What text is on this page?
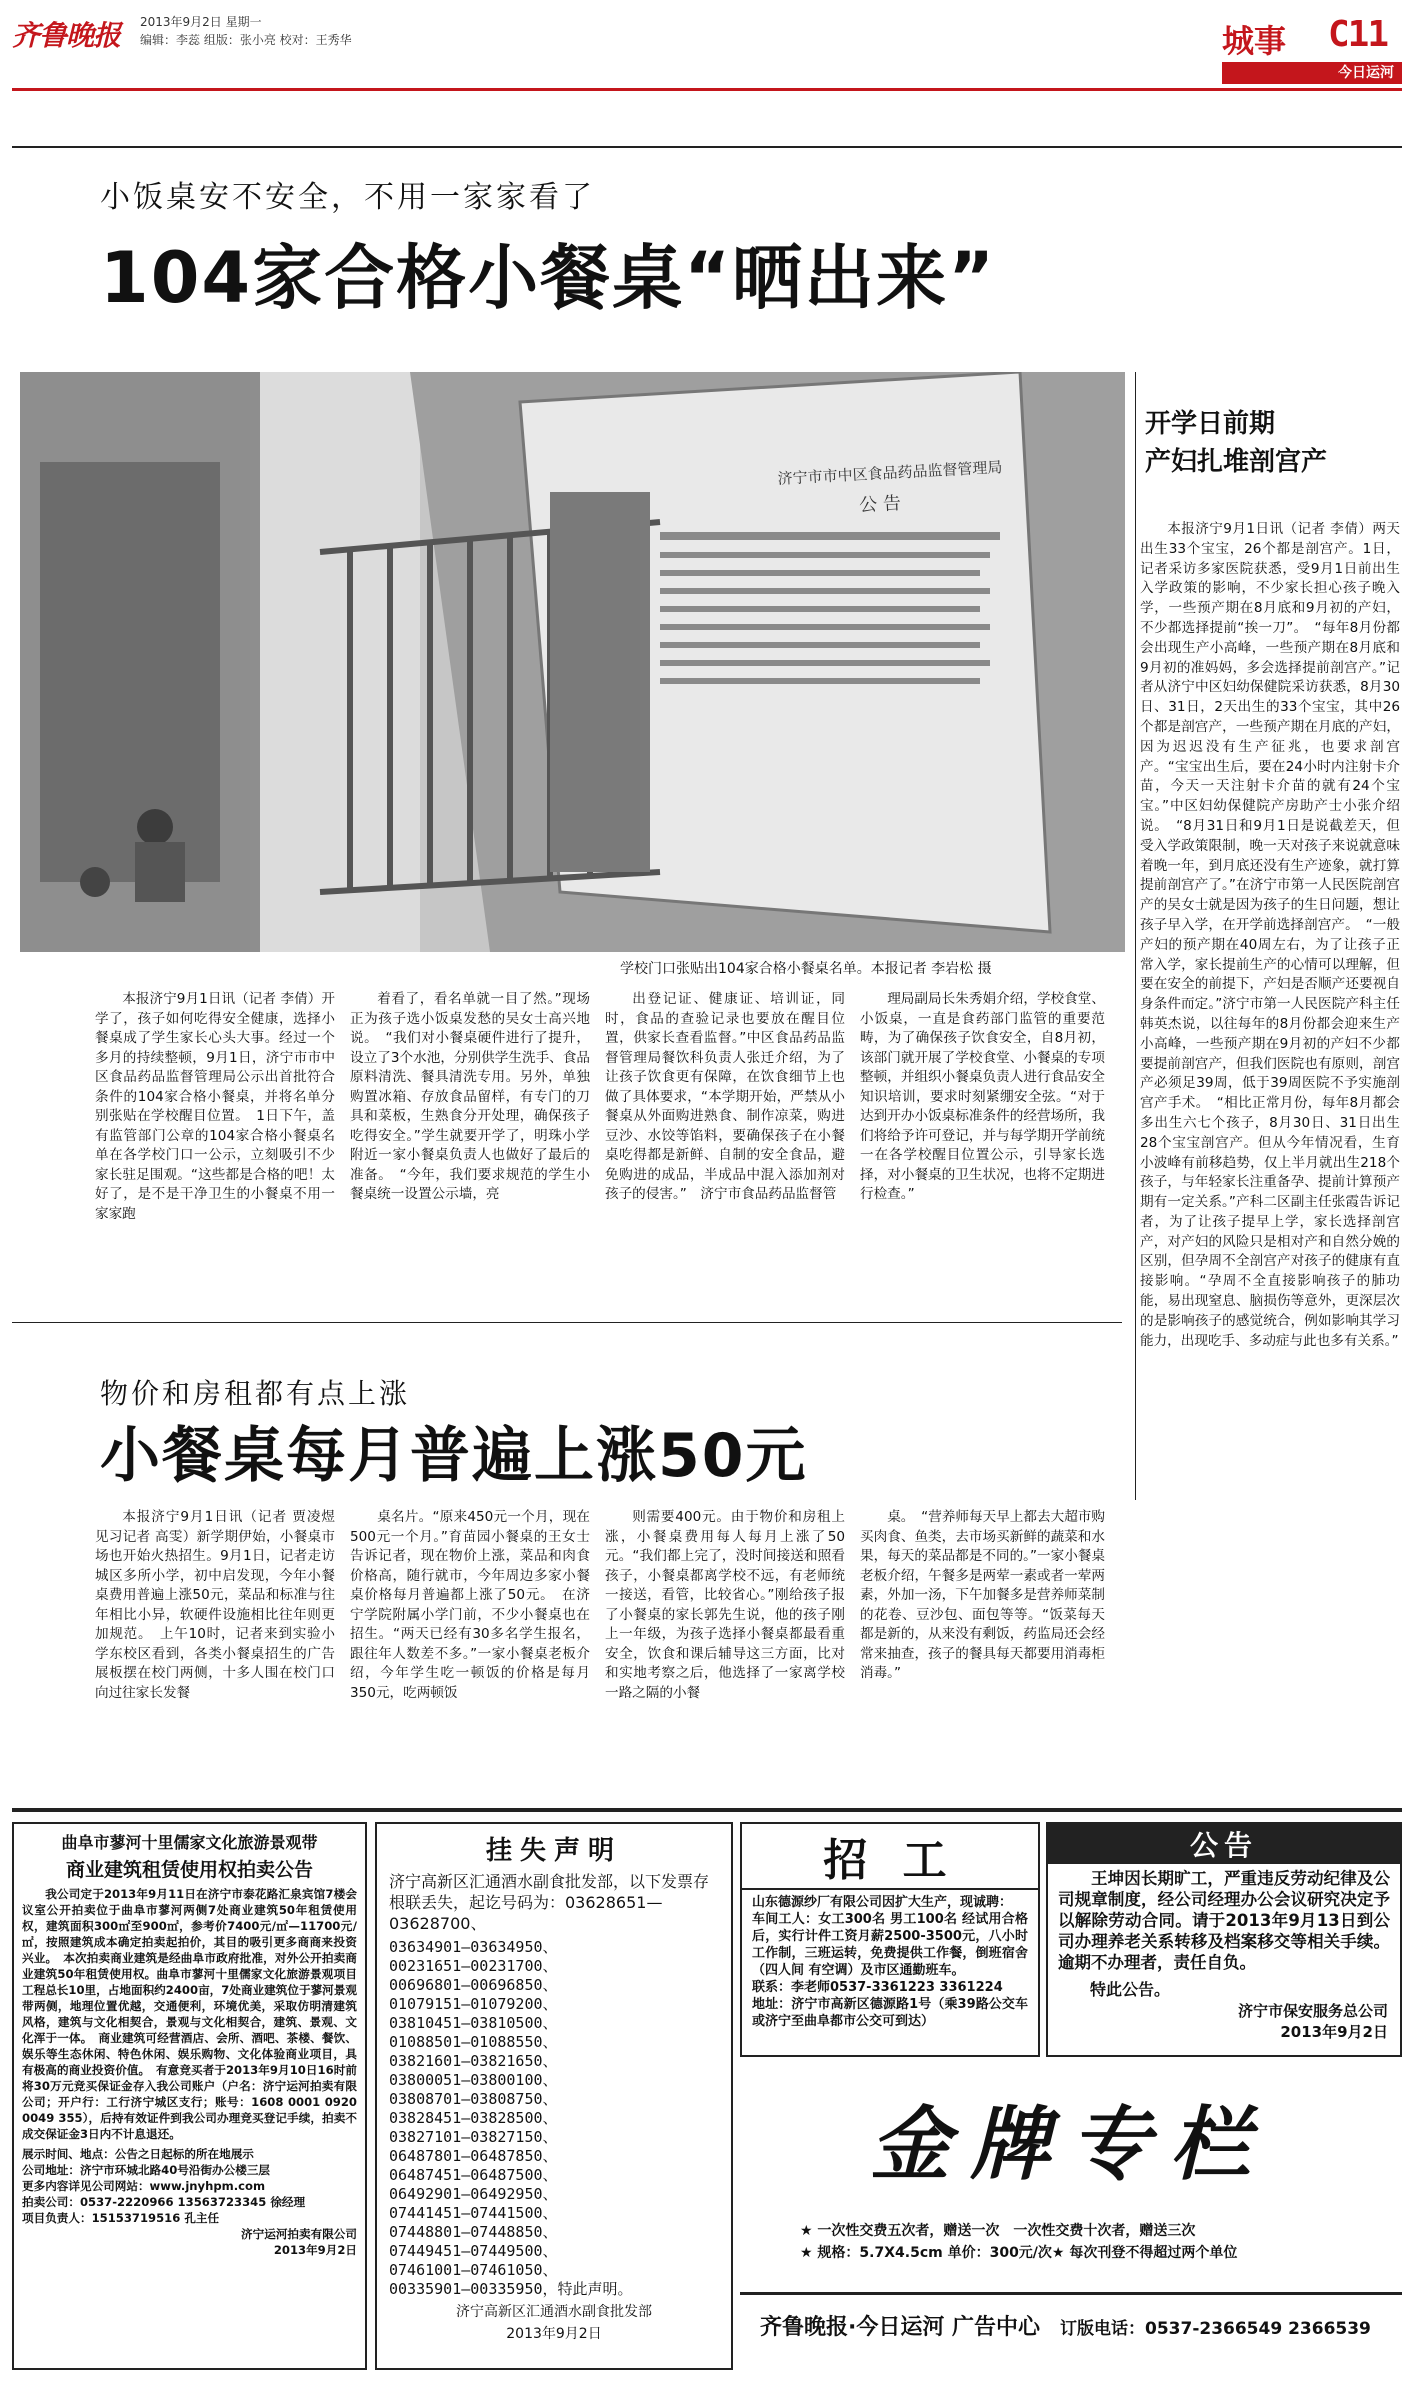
齐鲁晚报 2013年9月2日 星期一
编辑：李蕊 组版：张小亮 校对：王秀华	城事 C11
今日运河
小饭桌安不安全，不用一家家看了
104家合格小餐桌“晒出来”
济宁市市中区食品药品监督管理局
公 告
学校门口张贴出104家合格小餐桌名单。本报记者 李岩松 摄
本报济宁9月1日讯（记者 李倩）开学了，孩子如何吃得安全健康，选择小餐桌成了学生家长心头大事。经过一个多月的持续整顿，9月1日，济宁市市中区食品药品监督管理局公示出首批符合条件的104家合格小餐桌，并将名单分别张贴在学校醒目位置。　1日下午，盖有监管部门公章的104家合格小餐桌名单在各学校门口一公示，立刻吸引不少家长驻足围观。“这些都是合格的吧！太好了，是不是干净卫生的小餐桌不用一家家跑
着看了，看名单就一目了然。”现场正为孩子选小饭桌发愁的吴女士高兴地说。　“我们对小餐桌硬件进行了提升，设立了3个水池，分别供学生洗手、食品原料清洗、餐具清洗专用。另外，单独购置冰箱、存放食品留样，有专门的刀具和菜板，生熟食分开处理，确保孩子吃得安全。”学生就要开学了，明珠小学附近一家小餐桌负责人也做好了最后的准备。　“今年，我们要求规范的学生小餐桌统一设置公示墙，亮
出登记证、健康证、培训证，同时，食品的查验记录也要放在醒目位置，供家长查看监督。”中区食品药品监督管理局餐饮科负责人张迁介绍，为了让孩子饮食更有保障，在饮食细节上也做了具体要求，“本学期开始，严禁从小餐桌从外面购进熟食、制作凉菜，购进豆沙、水饺等馅料，要确保孩子在小餐桌吃得都是新鲜、自制的安全食品，避免购进的成品，半成品中混入添加剂对孩子的侵害。”　济宁市食品药品监督管
理局副局长朱秀娟介绍，学校食堂、小饭桌，一直是食药部门监管的重要范畴，为了确保孩子饮食安全，自8月初，该部门就开展了学校食堂、小餐桌的专项整顿，并组织小餐桌负责人进行食品安全知识培训，要求时刻紧绷安全弦。“对于达到开办小饭桌标准条件的经营场所，我们将给予许可登记，并与每学期开学前统一在各学校醒目位置公示，引导家长选择，对小餐桌的卫生状况，也将不定期进行检查。”
开学日前期
产妇扎堆剖宫产
本报济宁9月1日讯（记者 李倩）两天出生33个宝宝，26个都是剖宫产。1日，记者采访多家医院获悉，受9月1日前出生入学政策的影响，不少家长担心孩子晚入学，一些预产期在8月底和9月初的产妇，不少都选择提前“挨一刀”。　“每年8月份都会出现生产小高峰，一些预产期在8月底和9月初的准妈妈，多会选择提前剖宫产。”记者从济宁中区妇幼保健院采访获悉，8月30日、31日，2天出生的33个宝宝，其中26个都是剖宫产，一些预产期在月底的产妇，因为迟迟没有生产征兆，也要求剖宫产。“宝宝出生后，要在24小时内注射卡介苗，今天一天注射卡介苗的就有24个宝宝。”中区妇幼保健院产房助产士小张介绍说。　“8月31日和9月1日是说截差天，但受入学政策限制，晚一天对孩子来说就意味着晚一年，到月底还没有生产迹象，就打算提前剖宫产了。”在济宁市第一人民医院剖宫产的吴女士就是因为孩子的生日问题，想让孩子早入学，在开学前选择剖宫产。　“一般产妇的预产期在40周左右，为了让孩子正常入学，家长提前生产的心情可以理解，但要在安全的前提下，产妇是否顺产还要视自身条件而定。”济宁市第一人民医院产科主任韩英杰说，以往每年的8月份都会迎来生产小高峰，一些预产期在9月初的产妇不少都要提前剖宫产，但我们医院也有原则，剖宫产必须足39周，低于39周医院不予实施剖宫产手术。　“相比正常月份，每年8月都会多出生六七个孩子，8月30日、31日出生28个宝宝剖宫产。但从今年情况看，生育小波峰有前移趋势，仅上半月就出生218个孩子，与年轻家长注重备孕、提前计算预产期有一定关系。”产科二区副主任张霞告诉记者，为了让孩子提早上学，家长选择剖宫产，对产妇的风险只是相对产和自然分娩的区别，但孕周不全剖宫产对孩子的健康有直接影响。“孕周不全直接影响孩子的肺功能，易出现窒息、脑损伤等意外，更深层次的是影响孩子的感觉统合，例如影响其学习能力，出现吃手、多动症与此也多有关系。”
物价和房租都有点上涨
小餐桌每月普遍上涨50元
本报济宁9月1日讯（记者 贾凌煜 见习记者 高雯）新学期伊始，小餐桌市场也开始火热招生。9月1日，记者走访城区多所小学，初中启发现，今年小餐桌费用普遍上涨50元，菜品和标准与往年相比小异，软硬件设施相比往年则更加规范。　上午10时，记者来到实验小学东校区看到，各类小餐桌招生的广告展板摆在校门两侧，十多人围在校门口向过往家长发餐
桌名片。“原来450元一个月，现在500元一个月。”育苗园小餐桌的王女士告诉记者，现在物价上涨，菜品和肉食价格高，随行就市，今年周边多家小餐桌价格每月普遍都上涨了50元。　在济宁学院附属小学门前，不少小餐桌也在招生。“两天已经有30多名学生报名，跟往年人数差不多。”一家小餐桌老板介绍，今年学生吃一顿饭的价格是每月350元，吃两顿饭
则需要400元。由于物价和房租上涨，小餐桌费用每人每月上涨了50元。“我们都上完了，没时间接送和照看孩子，小餐桌都离学校不远，有老师统一接送，看管，比较省心。”刚给孩子报了小餐桌的家长郭先生说，他的孩子刚上一年级，为孩子选择小餐桌都最看重安全，饮食和课后辅导这三方面，比对和实地考察之后，他选择了一家离学校一路之隔的小餐
桌。　“营养师每天早上都去大超市购买肉食、鱼类，去市场买新鲜的蔬菜和水果，每天的菜品都是不同的。”一家小餐桌老板介绍，午餐多是两荤一素或者一荤两素，外加一汤，下午加餐多是营养师菜制的花卷、豆沙包、面包等等。“饭菜每天都是新的，从来没有剩饭，药监局还会经常来抽查，孩子的餐具每天都要用消毒柜消毒。”
曲阜市蓼河十里儒家文化旅游景观带
商业建筑租赁使用权拍卖公告
我公司定于2013年9月11日在济宁市泰花路汇泉宾馆7楼会议室公开拍卖位于曲阜市蓼河两侧7处商业建筑50年租赁使用权，建筑面积300㎡至900㎡，参考价7400元/㎡—11700元/㎡，按照建筑成本确定拍卖起拍价，其目的吸引更多商商来投资兴业。　本次拍卖商业建筑是经曲阜市政府批准，对外公开拍卖商业建筑50年租赁使用权。曲阜市蓼河十里儒家文化旅游景观项目工程总长10里，占地面积约2400亩，7处商业建筑位于蓼河景观带两侧，地理位置优越，交通便利，环境优美，采取仿明清建筑风格，建筑与文化相契合，景观与文化相契合，建筑、景观、文化浑于一体。　商业建筑可经营酒店、会所、酒吧、茶楼、餐饮、娱乐等生态休闲、特色休闲、娱乐购物、文化体验商业项目，具有极高的商业投资价值。　有意竞买者于2013年9月10日16时前将30万元竞买保证金存入我公司账户（户名：济宁运河拍卖有限公司；开户行：工行济宁城区支行；账号：1608 0001 0920 0049 355），后持有效证件到我公司办理竞买登记手续，拍卖不成交保证金3日内不计息退还。
展示时间、地点：公告之日起标的所在地展示
公司地址：济宁市环城北路40号沿街办公楼三层
更多内容详见公司网站：www.jnyhpm.com
拍卖公司：0537-2220966 13563723345 徐经理
项目负责人：15153719516 孔主任
济宁运河拍卖有限公司
2013年9月2日
挂失声明
济宁高新区汇通酒水副食批发部，以下发票存根联丢失，起讫号码为：03628651—03628700、
03634901—03634950、
00231651—00231700、
00696801—00696850、
01079151—01079200、
03810451—03810500、
01088501—01088550、
03821601—03821650、
03800051—03800100、
03808701—03808750、
03828451—03828500、
03827101—03827150、
06487801—06487850、
06487451—06487500、
06492901—06492950、
07441451—07441500、
07448801—07448850、
07449451—07449500、
07461001—07461050、
00335901—00335950，特此声明。
济宁高新区汇通酒水副食批发部
2013年9月2日
招 工
山东德源纱厂有限公司因扩大生产，现诚聘：
车间工人：女工300名 男工100名 经试用合格后，实行计件工资月薪2500-3500元，八小时工作制，三班运转，免费提供工作餐，倒班宿舍（四人间 有空调）及市区通勤班车。
联系：李老师0537-3361223 3361224
地址：济宁市高新区德源路1号（乘39路公交车或济宁至曲阜都市公交可到达）
公告
王坤因长期旷工，严重违反劳动纪律及公司规章制度，经公司经理办公会议研究决定予以解除劳动合同。请于2013年9月13日到公司办理养老关系转移及档案移交等相关手续。逾期不办理者，责任自负。
特此公告。
济宁市保安服务总公司
2013年9月2日
金牌专栏
★ 一次性交费五次者，赠送一次　一次性交费十次者，赠送三次
★ 规格：5.7X4.5cm 单价：300元/次★ 每次刊登不得超过两个单位
齐鲁晚报·今日运河 广告中心 订版电话：0537-2366549 2366539
